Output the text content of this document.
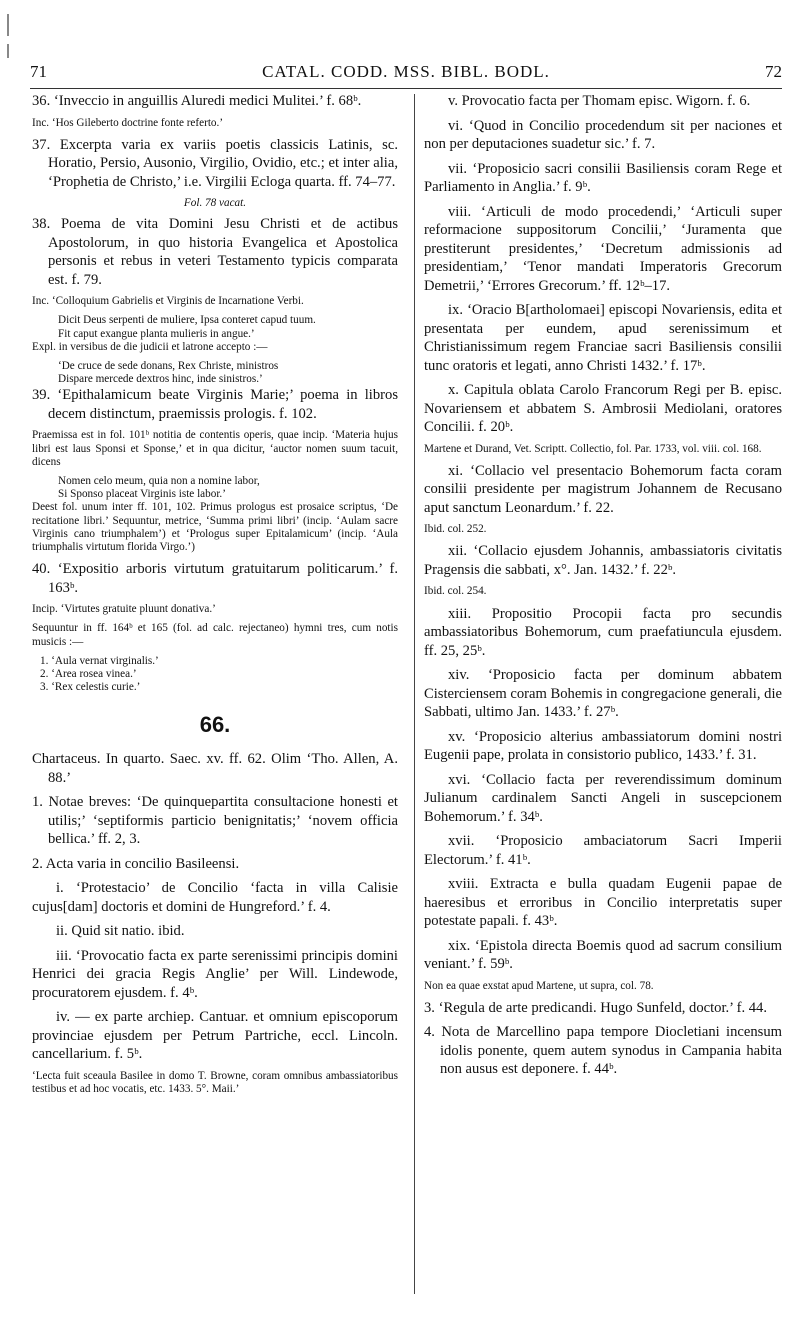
71	CATAL. CODD. MSS. BIBL. BODL.	72
36. ‘Inveccio in anguillis Aluredi medici Mulitei.’ f. 68ᵇ.
Inc. ‘Hos Gileberto doctrine fonte referto.’
37. Excerpta varia ex variis poetis classicis Latinis, sc. Horatio, Persio, Ausonio, Virgilio, Ovidio, etc.; et inter alia, ‘Prophetia de Christo,’ i.e. Virgilii Ecloga quarta. ff. 74–77.
Fol. 78 vacat.
38. Poema de vita Domini Jesu Christi et de actibus Apostolorum, in quo historia Evangelica et Apostolica personis et rebus in veteri Testamento typicis comparata est. f. 79.
Inc. ‘Colloquium Gabrielis et Virginis de Incarnatione Verbi.
Dicit Deus serpenti de muliere, Ipsa conteret capud tuum.
Fit caput exangue planta mulieris in angue.’
Expl. in versibus de die judicii et latrone accepto :—
‘De cruce de sede donans, Rex Christe, ministros
Dispare mercede dextros hinc, inde sinistros.’
39. ‘Epithalamicum beate Virginis Marie;’ poema in libros decem distinctum, praemissis prologis. f. 102.
Praemissa est in fol. 101ᵇ notitia de contentis operis, quae incip. ‘Materia hujus libri est laus Sponsi et Sponse,’ et in qua dicitur, ‘auctor nomen suum tacuit, dicens
Nomen celo meum, quia non a nomine labor,
Si Sponso placeat Virginis iste labor.’
Deest fol. unum inter ff. 101, 102. Primus prologus est prosaice scriptus, ‘De recitatione libri.’ Sequuntur, metrice, ‘Summa primi libri’ (incip. ‘Aulam sacre Virginis cano triumphalem’) et ‘Prologus super Epitalamicum’ (incip. ‘Aula triumphalis virtutum florida Virgo.’)
40. ‘Expositio arboris virtutum gratuitarum politicarum.’ f. 163ᵇ.
Incip. ‘Virtutes gratuite pluunt donativa.’
Sequuntur in ff. 164ᵇ et 165 (fol. ad calc. rejectaneo) hymni tres, cum notis musicis :—
1. ‘Aula vernat virginalis.’
2. ‘Area rosea vinea.’
3. ‘Rex celestis curie.’
66.
Chartaceus. In quarto. Saec. xv. ff. 62. Olim ‘Tho. Allen, A. 88.’
1. Notae breves: ‘De quinquepartita consultacione honesti et utilis;’ ‘septiformis particio benignitatis;’ ‘novem officia bellica.’ ff. 2, 3.
2. Acta varia in concilio Basileensi.
i. ‘Protestacio’ de Concilio ‘facta in villa Calisie cujus[dam] doctoris et domini de Hungreford.’ f. 4.
ii. Quid sit natio. ibid.
iii. ‘Provocatio facta ex parte serenissimi principis domini Henrici dei gracia Regis Anglie’ per Will. Lindewode, procuratorem ejusdem. f. 4ᵇ.
iv. — ex parte archiep. Cantuar. et omnium episcoporum provinciae ejusdem per Petrum Partriche, eccl. Lincoln. cancellarium. f. 5ᵇ.
‘Lecta fuit sceaula Basilee in domo T. Browne, coram omnibus ambassiatoribus testibus et ad hoc vocatis, etc. 1433. 5°. Maii.’
v. Provocatio facta per Thomam episc. Wigorn. f. 6.
vi. ‘Quod in Concilio procedendum sit per naciones et non per deputaciones suadetur sic.’ f. 7.
vii. ‘Proposicio sacri consilii Basiliensis coram Rege et Parliamento in Anglia.’ f. 9ᵇ.
viii. ‘Articuli de modo procedendi,’ ‘Articuli super reformacione suppositorum Concilii,’ ‘Juramenta que prestiterunt presidentes,’ ‘Decretum admissionis ad presidentiam,’ ‘Tenor mandati Imperatoris Grecorum Demetrii,’ ‘Errores Grecorum.’ ff. 12ᵇ–17.
ix. ‘Oracio B[artholomaei] episcopi Novariensis, edita et presentata per eundem, apud serenissimum et Christianissimum regem Franciae sacri Basiliensis consilii tunc oratoris et legati, anno Christi 1432.’ f. 17ᵇ.
x. Capitula oblata Carolo Francorum Regi per B. episc. Novariensem et abbatem S. Ambrosii Mediolani, oratores Concilii. f. 20ᵇ.
Martene et Durand, Vet. Scriptt. Collectio, fol. Par. 1733, vol. viii. col. 168.
xi. ‘Collacio vel presentacio Bohemorum facta coram consilii presidente per magistrum Johannem de Recusano aput sanctum Leonardum.’ f. 22.
Ibid. col. 252.
xii. ‘Collacio ejusdem Johannis, ambassiatoris civitatis Pragensis die sabbati, x°. Jan. 1432.’ f. 22ᵇ.
Ibid. col. 254.
xiii. Propositio Procopii facta pro secundis ambassiatoribus Bohemorum, cum praefatiuncula ejusdem. ff. 25, 25ᵇ.
xiv. ‘Proposicio facta per dominum abbatem Cisterciensem coram Bohemis in congregacione generali, die Sabbati, ultimo Jan. 1433.’ f. 27ᵇ.
xv. ‘Proposicio alterius ambassiatorum domini nostri Eugenii pape, prolata in consistorio publico, 1433.’ f. 31.
xvi. ‘Collacio facta per reverendissimum dominum Julianum cardinalem Sancti Angeli in suscepcionem Bohemorum.’ f. 34ᵇ.
xvii. ‘Proposicio ambaciatorum Sacri Imperii Electorum.’ f. 41ᵇ.
xviii. Extracta e bulla quadam Eugenii papae de haeresibus et erroribus in Concilio interpretatis super potestate papali. f. 43ᵇ.
xix. ‘Epistola directa Boemis quod ad sacrum consilium veniant.’ f. 59ᵇ.
Non ea quae exstat apud Martene, ut supra, col. 78.
3. ‘Regula de arte predicandi. Hugo Sunfeld, doctor.’ f. 44.
4. Nota de Marcellino papa tempore Diocletiani incensum idolis ponente, quem autem synodus in Campania habita non ausus est deponere. f. 44ᵇ.
